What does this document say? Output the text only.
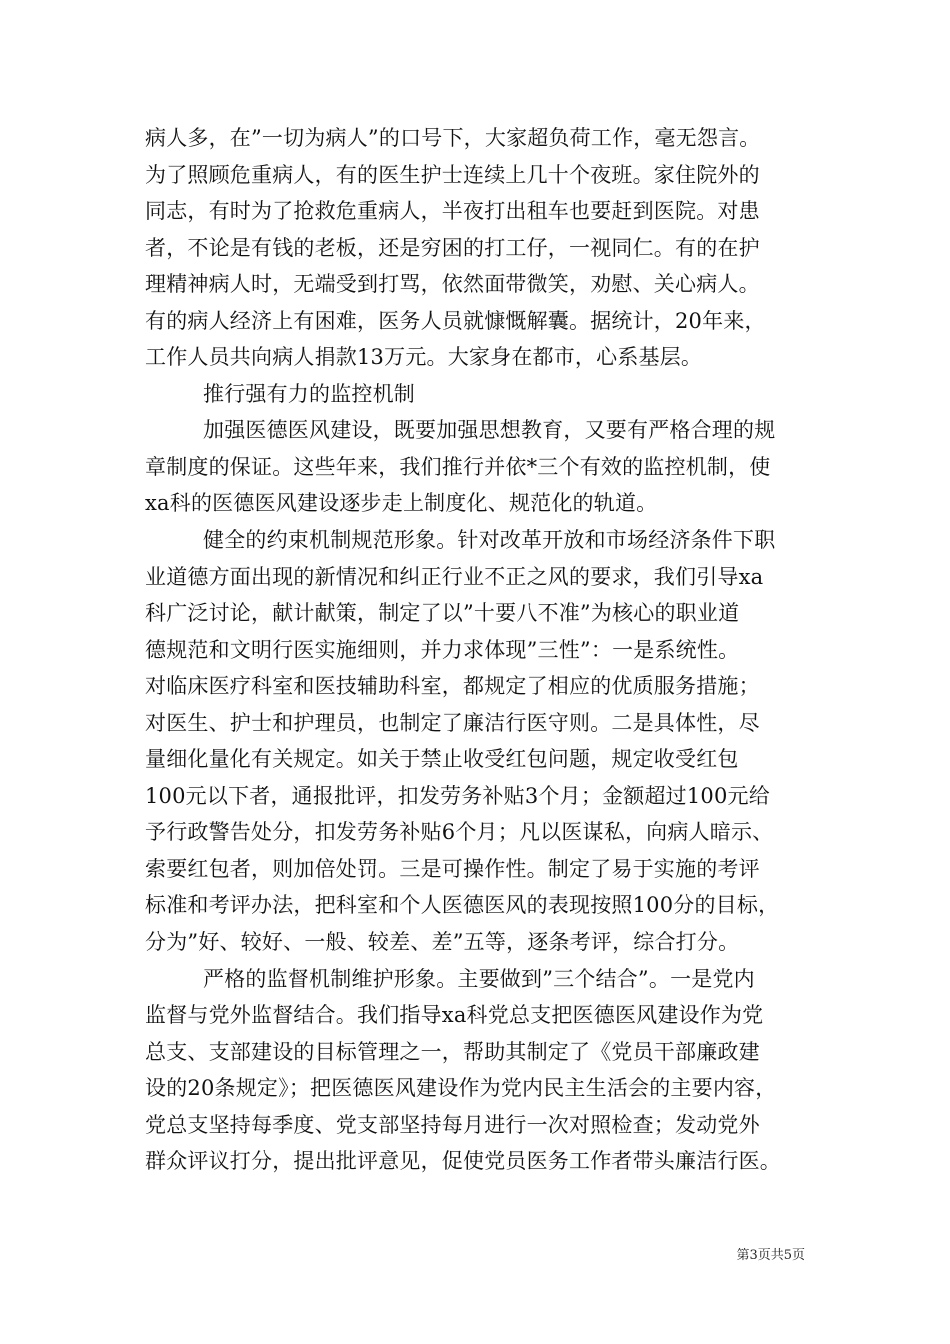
病人多，在”一切为病人”的口号下，大家超负荷工作，毫无怨言。
为了照顾危重病人，有的医生护士连续上几十个夜班。家住院外的
同志，有时为了抢救危重病人，半夜打出租车也要赶到医院。对患
者，不论是有钱的老板，还是穷困的打工仔，一视同仁。有的在护
理精神病人时，无端受到打骂，依然面带微笑，劝慰、关心病人。
有的病人经济上有困难，医务人员就慷慨解囊。据统计，20年来，
工作人员共向病人捐款13万元。大家身在都市，心系基层。
推行强有力的监控机制
加强医德医风建设，既要加强思想教育，又要有严格合理的规
章制度的保证。这些年来，我们推行并依*三个有效的监控机制，使
xa科的医德医风建设逐步走上制度化、规范化的轨道。
健全的约束机制规范形象。针对改革开放和市场经济条件下职
业道德方面出现的新情况和纠正行业不正之风的要求，我们引导xa
科广泛讨论，献计献策，制定了以”十要八不准”为核心的职业道
德规范和文明行医实施细则，并力求体现”三性”：一是系统性。
对临床医疗科室和医技辅助科室，都规定了相应的优质服务措施；
对医生、护士和护理员，也制定了廉洁行医守则。二是具体性，尽
量细化量化有关规定。如关于禁止收受红包问题，规定收受红包
100元以下者，通报批评，扣发劳务补贴3个月；金额超过100元给
予行政警告处分，扣发劳务补贴6个月；凡以医谋私，向病人暗示、
索要红包者，则加倍处罚。三是可操作性。制定了易于实施的考评
标准和考评办法，把科室和个人医德医风的表现按照100分的目标，
分为”好、较好、一般、较差、差”五等，逐条考评，综合打分。
严格的监督机制维护形象。主要做到”三个结合”。一是党内
监督与党外监督结合。我们指导xa科党总支把医德医风建设作为党
总支、支部建设的目标管理之一，帮助其制定了《党员干部廉政建
设的20条规定》；把医德医风建设作为党内民主生活会的主要内容，
党总支坚持每季度、党支部坚持每月进行一次对照检查；发动党外
群众评议打分，提出批评意见，促使党员医务工作者带头廉洁行医。
第3页共5页
